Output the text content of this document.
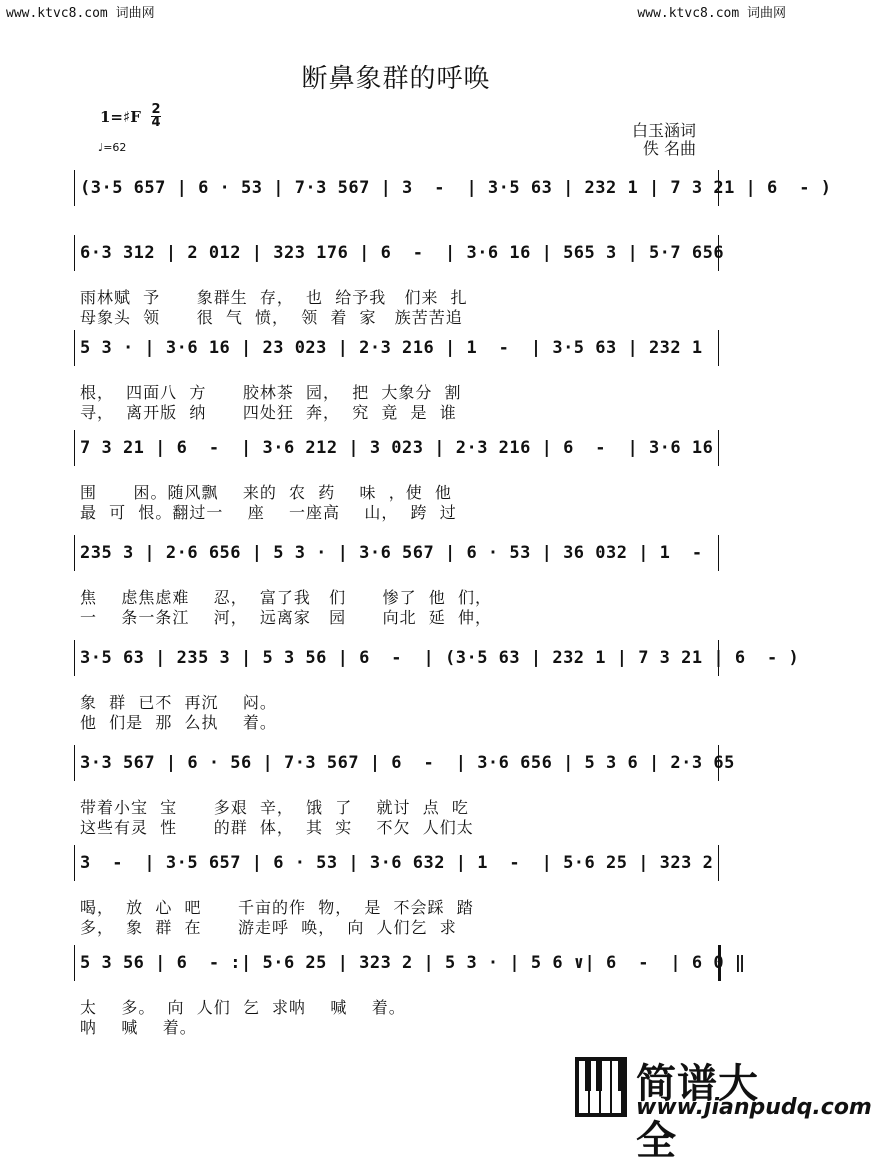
www.ktvc8.com 词曲网	www.ktvc8.com 词曲网
断鼻象群的呼唤
1=♯F 2
4
♩=62
白玉涵词
佚 名曲
(3·5 657 | 6 · 53 | 7·3 567 | 3  -  | 3·5 63 | 232 1 | 7 3 21 | 6  - )
6·3 312 | 2 012 | 323 176 | 6  -  | 3·6 16 | 565 3 | 5·7 656
雨林赋  予      象群生  存，  也  给予我   们来  扎
母象头  领      很  气  愤，  领  着  家   族苦苦追
5 3 · | 3·6 16 | 23 023 | 2·3 216 | 1  -  | 3·5 63 | 232 1
根，  四面八  方      胶林茶  园，  把  大象分  割
寻，  离开版  纳      四处狂  奔，  究  竟  是  谁
7 3 21 | 6  -  | 3·6 212 | 3 023 | 2·3 216 | 6  -  | 3·6 16
围      困。随风飘    来的  农  药    味  ，使  他
最  可  恨。翻过一    座    一座高    山，  跨  过
235 3 | 2·6 656 | 5 3 · | 3·6 567 | 6 · 53 | 36 032 | 1  -
焦    虑焦虑难    忍，  富了我   们      惨了  他  们，
一    条一条江    河，  远离家   园      向北  延  伸，
3·5 63 | 235 3 | 5 3 56 | 6  -  | (3·5 63 | 232 1 | 7 3 21 | 6  - )
象  群  已不  再沉    闷。
他  们是  那  么执    着。
3·3 567 | 6 · 56 | 7·3 567 | 6  -  | 3·6 656 | 5 3 6 | 2·3 65
带着小宝  宝      多艰  辛，  饿  了    就讨  点  吃
这些有灵  性      的群  体，  其  实    不欠  人们太
3  -  | 3·5 657 | 6 · 53 | 3·6 632 | 1  -  | 5·6 25 | 323 2
喝，  放  心  吧      千亩的作  物，  是  不会踩  踏
多，  象  群  在      游走呼  唤，  向  人们乞  求
5 3 56 | 6  - :| 5·6 25 | 323 2 | 5 3 · | 5 6 ∨| 6  -  | 6 0 ‖
太    多。  向  人们  乞  求呐    喊    着。
呐    喊    着。
简谱大全
www.jianpudq.com
